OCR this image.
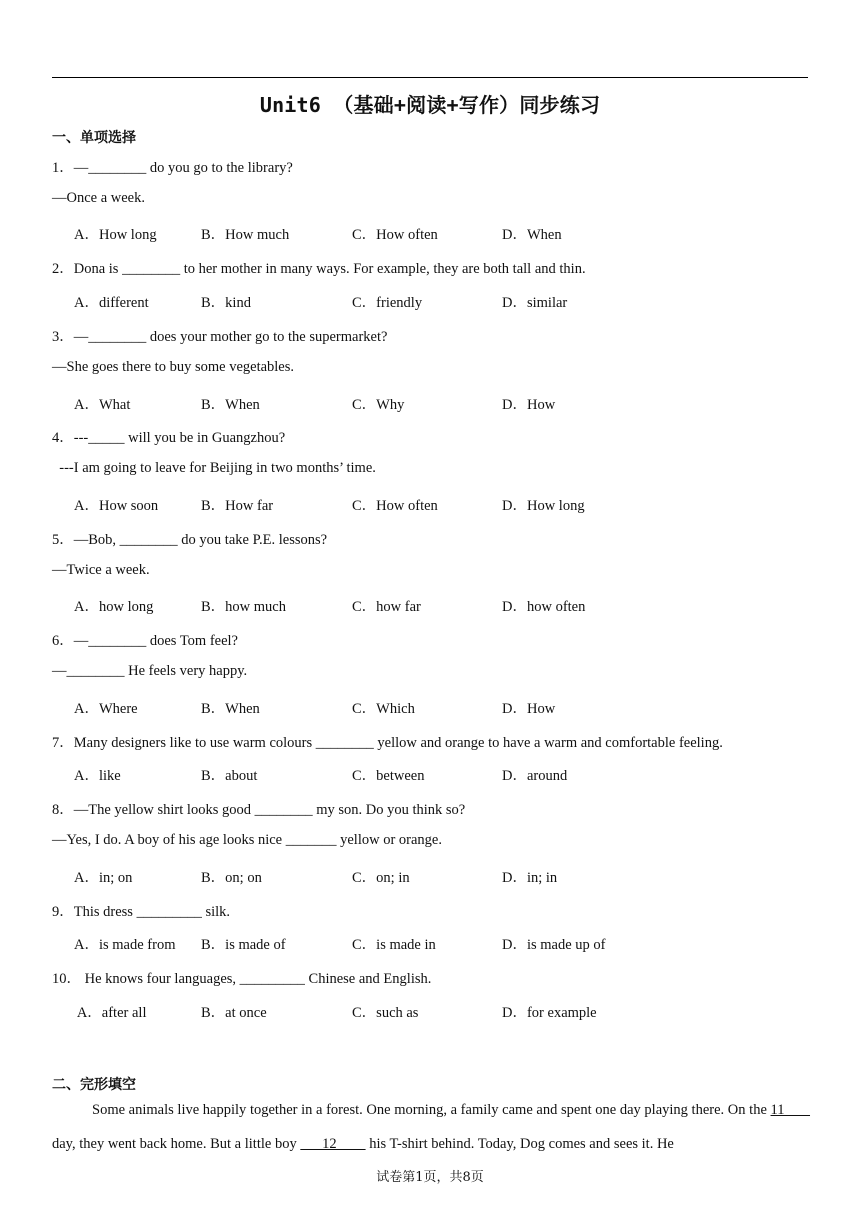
Unit6 （基础+阅读+写作）同步练习
一、单项选择
1．—________ do you go to the library?
—Once a week.
A．How long	B．How much	C．How often	D．When
2．Dona is ________ to her mother in many ways. For example, they are both tall and thin.
A．different	B．kind	C．friendly	D．similar
3．—________ does your mother go to the supermarket?
—She goes there to buy some vegetables.
A．What	B．When	C．Why	D．How
4．---_____ will you be in Guangzhou?
---I am going to leave for Beijing in two months’ time.
A．How soon	B．How far	C．How often	D．How long
5．—Bob, ________ do you take P.E. lessons?
—Twice a week.
A．how long	B．how much	C．how far	D．how often
6．—________ does Tom feel?
—________ He feels very happy.
A．Where	B．When	C．Which	D．How
7．Many designers like to use warm colours ________ yellow and orange to have a warm and comfortable feeling.
A．like	B．about	C．between	D．around
8．—The yellow shirt looks good ________ my son. Do you think so?
—Yes, I do. A boy of his age looks nice _______ yellow or orange.
A．in; on	B．on; on	C．on; in	D．in; in
9．This dress _________ silk.
A．is made from B．is made of	C．is made in	D．is made up of
10． He knows four languages, _________ Chinese and English.
A．after all	B．at once	C．such as	D．for example
二、完形填空
Some animals live happily together in a forest. One morning, a family came and spent one day playing there. On the 11        day, they went back home. But a little boy       12         his T-shirt behind. Today, Dog comes and sees it. He
试卷第1页，共8页
